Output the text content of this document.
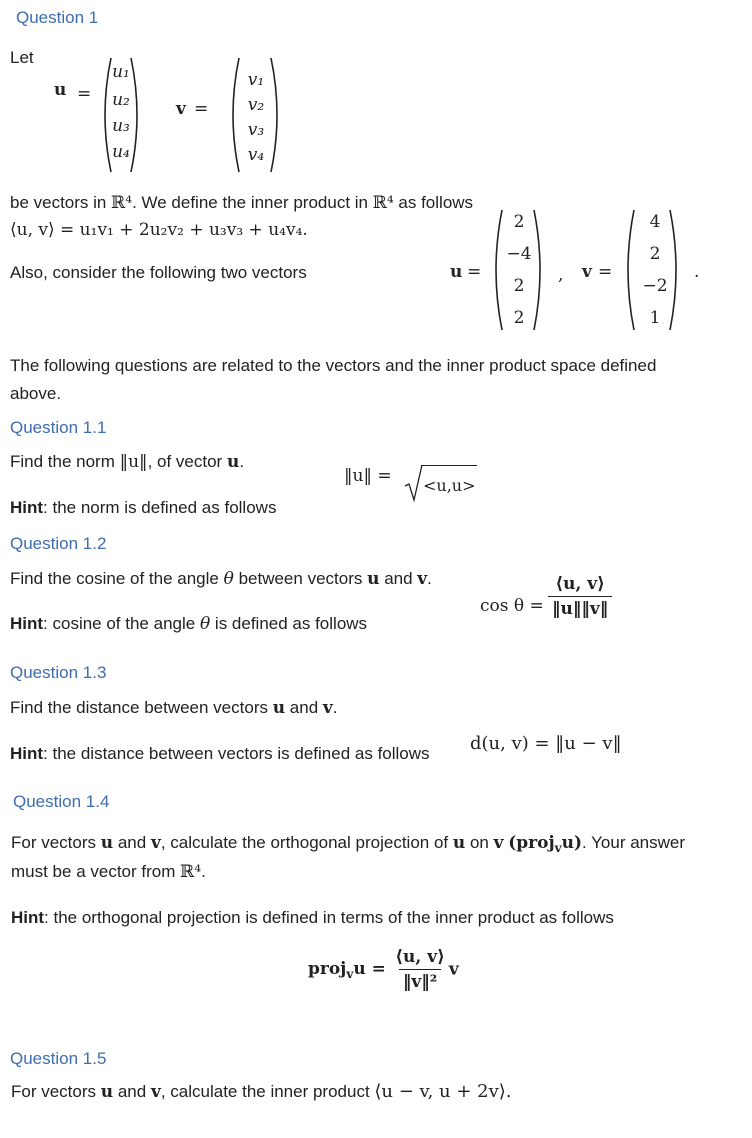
Question 1
Let
u =
u₁
u₂
u₃
u₄
v =
v₁
v₂
v₃
v₄
be vectors in ℝ⁴. We define the inner product in ℝ⁴ as follows
⟨u, v⟩ = u₁v₁ + 2u₂v₂ + u₃v₃ + u₄v₄.
Also, consider the following two vectors	u =
2
−4
2
2
, v =
4
2
−2
1
.
The following questions are related to the vectors and the inner product space defined
above.
Question 1.1
Find the norm ‖u‖, of vector u.
‖u‖ = <u,u>
Hint: the norm is defined as follows
Question 1.2
Find the cosine of the angle θ between vectors u and v.
$\cos \theta = \frac{⟨u, v⟩}{‖u‖‖v‖}$
Hint: cosine of the angle θ is defined as follows
Question 1.3
Find the distance between vectors u and v.
d(u, v) = ‖u − v‖
Hint: the distance between vectors is defined as follows
Question 1.4
For vectors u and v, calculate the orthogonal projection of u on v (proj$_v$u). Your answer
must be a vector from ℝ⁴.
Hint: the orthogonal projection is defined in terms of the inner product as follows
proj$_v$u = $\frac{⟨u, v⟩}{\text{‖v‖²}}$ v
Question 1.5
For vectors u and v, calculate the inner product ⟨u − v, u + 2v⟩.
